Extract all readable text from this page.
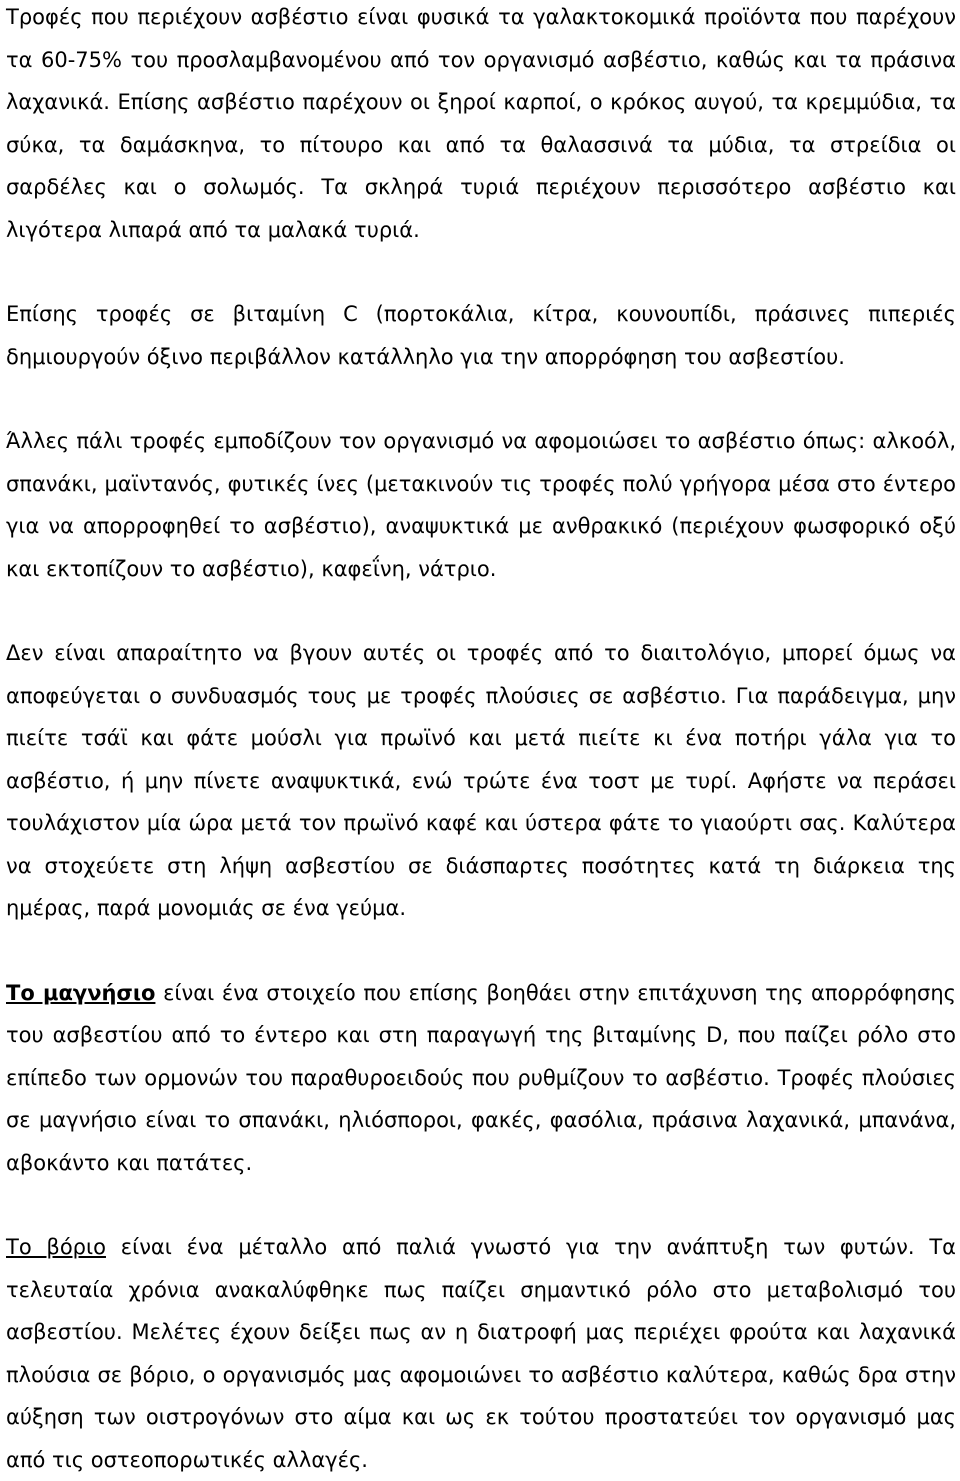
Τροφές που περιέχουν ασβέστιο είναι φυσικά τα γαλακτοκομικά προϊόντα που παρέχουν τα 60-75% του προσλαμβανομένου από τον οργανισμό ασβέστιο, καθώς και τα πράσινα λαχανικά. Επίσης ασβέστιο παρέχουν οι ξηροί καρποί, ο κρόκος αυγού, τα κρεμμύδια, τα σύκα, τα δαμάσκηνα, το πίτουρο και από τα θαλασσινά τα μύδια, τα στρείδια οι σαρδέλες και ο σολωμός. Τα σκληρά τυριά περιέχουν περισσότερο ασβέστιο και λιγότερα λιπαρά από τα μαλακά τυριά.

Επίσης τροφές σε βιταμίνη C (πορτοκάλια, κίτρα, κουνουπίδι, πράσινες πιπεριές δημιουργούν όξινο περιβάλλον κατάλληλο για την απορρόφηση του ασβεστίου.

Άλλες πάλι τροφές εμποδίζουν τον οργανισμό να αφομοιώσει το ασβέστιο όπως: αλκοόλ, σπανάκι, μαϊντανός, φυτικές ίνες (μετακινούν τις τροφές πολύ γρήγορα μέσα στο έντερο για να απορροφηθεί το ασβέστιο), αναψυκτικά με ανθρακικό (περιέχουν φωσφορικό οξύ και εκτοπίζουν το ασβέστιο), καφεΐνη, νάτριο.

Δεν είναι απαραίτητο να βγουν αυτές οι τροφές από το διαιτολόγιο, μπορεί όμως να αποφεύγεται ο συνδυασμός τους με τροφές πλούσιες σε ασβέστιο. Για παράδειγμα, μην πιείτε τσάϊ και φάτε μούσλι για πρωϊνό και μετά πιείτε κι ένα ποτήρι γάλα για το ασβέστιο, ή μην πίνετε αναψυκτικά, ενώ τρώτε ένα τοστ με τυρί. Αφήστε να περάσει τουλάχιστον μία ώρα μετά τον πρωϊνό καφέ και ύστερα φάτε το γιαούρτι σας. Καλύτερα να στοχεύετε στη λήψη ασβεστίου σε διάσπαρτες ποσότητες κατά τη διάρκεια της ημέρας, παρά μονομιάς σε ένα γεύμα.

Το μαγνήσιο είναι ένα στοιχείο που επίσης βοηθάει στην επιτάχυνση της απορρόφησης του ασβεστίου από το έντερο και στη παραγωγή της βιταμίνης D, που παίζει ρόλο στο επίπεδο των ορμονών του παραθυροειδούς που ρυθμίζουν το ασβέστιο. Τροφές πλούσιες σε μαγνήσιο είναι το σπανάκι, ηλιόσποροι, φακές, φασόλια, πράσινα λαχανικά, μπανάνα, αβοκάντο και πατάτες.

Το βόριο είναι ένα μέταλλο από παλιά γνωστό για την ανάπτυξη των φυτών. Τα τελευταία χρόνια ανακαλύφθηκε πως παίζει σημαντικό ρόλο στο μεταβολισμό του ασβεστίου. Μελέτες έχουν δείξει πως αν η διατροφή μας περιέχει φρούτα και λαχανικά πλούσια σε βόριο, ο οργανισμός μας αφομοιώνει το ασβέστιο καλύτερα, καθώς δρα στην αύξηση των οιστρογόνων στο αίμα και ως εκ τούτου προστατεύει τον οργανισμό μας από τις οστεοπορωτικές αλλαγές.
